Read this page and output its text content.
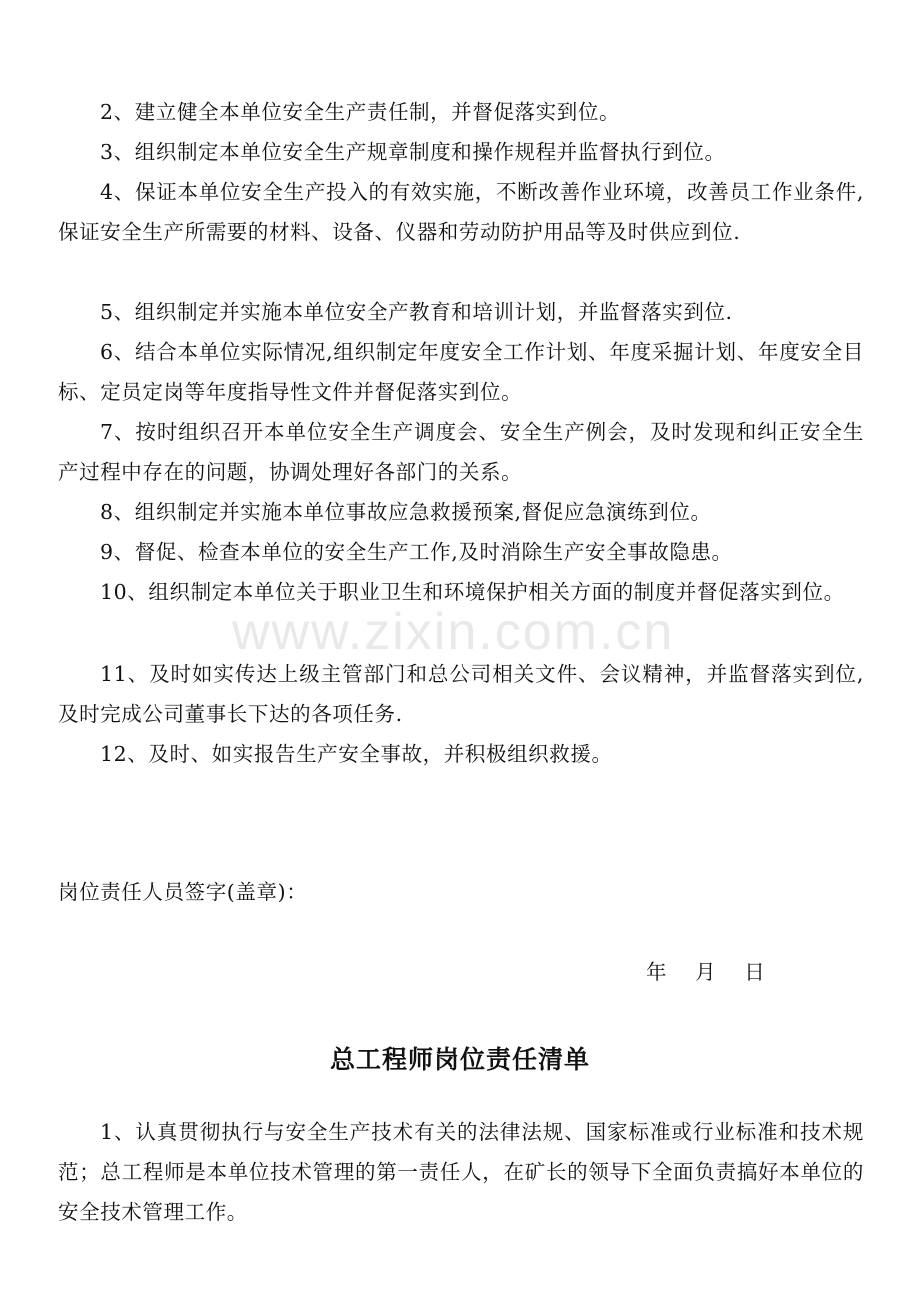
www.zixin.com.cn

2、建立健全本单位安全生产责任制，并督促落实到位。

3、组织制定本单位安全生产规章制度和操作规程并监督执行到位。

4、保证本单位安全生产投入的有效实施，不断改善作业环境，改善员工作业条件,保证安全生产所需要的材料、设备、仪器和劳动防护用品等及时供应到位.

5、组织制定并实施本单位安全产教育和培训计划，并监督落实到位.

6、结合本单位实际情况,组织制定年度安全工作计划、年度采掘计划、年度安全目标、定员定岗等年度指导性文件并督促落实到位。

7、按时组织召开本单位安全生产调度会、安全生产例会，及时发现和纠正安全生产过程中存在的问题，协调处理好各部门的关系。

8、组织制定并实施本单位事故应急救援预案,督促应急演练到位。

9、督促、检查本单位的安全生产工作,及时消除生产安全事故隐患。

10、组织制定本单位关于职业卫生和环境保护相关方面的制度并督促落实到位。

11、及时如实传达上级主管部门和总公司相关文件、会议精神，并监督落实到位,及时完成公司董事长下达的各项任务.

12、及时、如实报告生产安全事故，并积极组织救援。

岗位责任人员签字(盖章)：
年 月 日
总工程师岗位责任清单

1、认真贯彻执行与安全生产技术有关的法律法规、国家标准或行业标准和技术规范；总工程师是本单位技术管理的第一责任人，在矿长的领导下全面负责搞好本单位的安全技术管理工作。
